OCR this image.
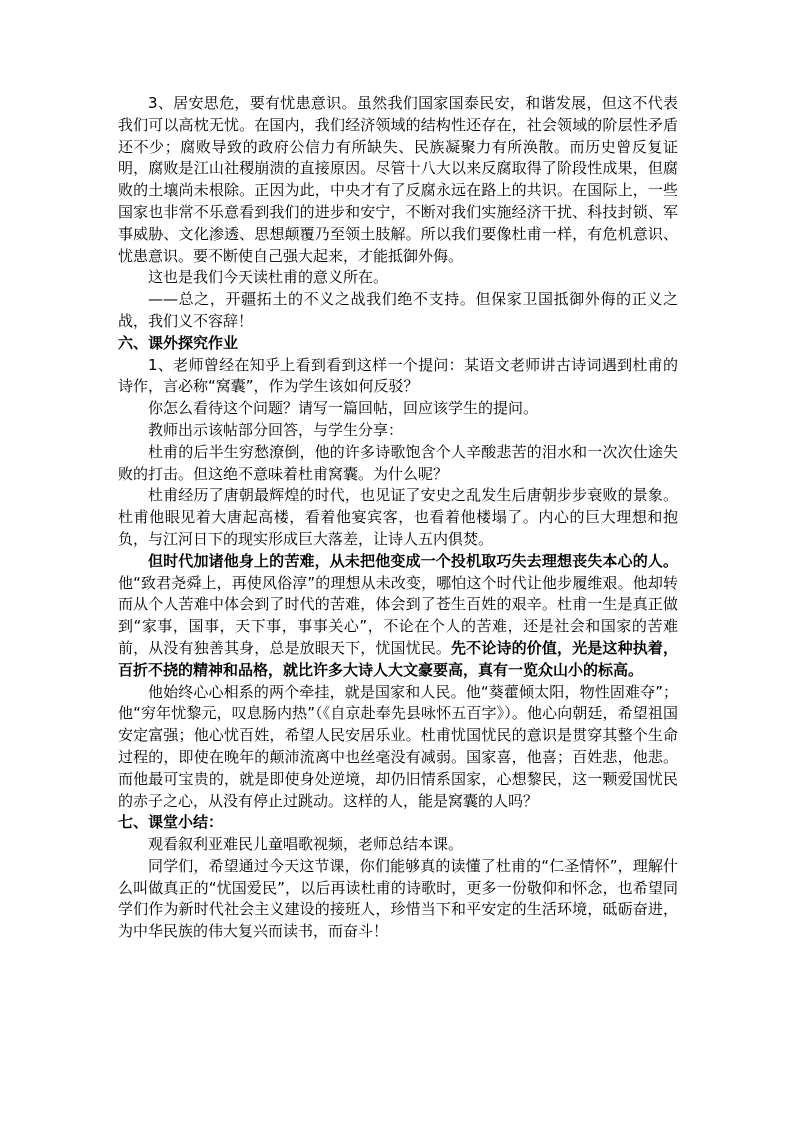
3、居安思危，要有忧患意识。虽然我们国家国泰民安，和谐发展，但这不代表我们可以高枕无忧。在国内，我们经济领域的结构性还存在，社会领域的阶层性矛盾还不少；腐败导致的政府公信力有所缺失、民族凝聚力有所涣散。而历史曾反复证明，腐败是江山社稷崩溃的直接原因。尽管十八大以来反腐取得了阶段性成果，但腐败的土壤尚未根除。正因为此，中央才有了反腐永远在路上的共识。在国际上，一些国家也非常不乐意看到我们的进步和安宁，不断对我们实施经济干扰、科技封锁、军事威胁、文化渗透、思想颠覆乃至领土肢解。所以我们要像杜甫一样，有危机意识、忧患意识。要不断使自己强大起来，才能抵御外侮。

这也是我们今天读杜甫的意义所在。

——总之，开疆拓土的不义之战我们绝不支持。但保家卫国抵御外侮的正义之战，我们义不容辞！

六、课外探究作业

1、老师曾经在知乎上看到看到这样一个提问：某语文老师讲古诗词遇到杜甫的诗作，言必称“窝囊”，作为学生该如何反驳？

你怎么看待这个问题？请写一篇回帖，回应该学生的提问。

教师出示该帖部分回答，与学生分享：

杜甫的后半生穷愁潦倒，他的许多诗歌饱含个人辛酸悲苦的泪水和一次次仕途失败的打击。但这绝不意味着杜甫窝囊。为什么呢？

杜甫经历了唐朝最辉煌的时代，也见证了安史之乱发生后唐朝步步衰败的景象。杜甫他眼见着大唐起高楼，看着他宴宾客，也看着他楼塌了。内心的巨大理想和抱负，与江河日下的现实形成巨大落差，让诗人五内俱焚。

但时代加诸他身上的苦难，从未把他变成一个投机取巧失去理想丧失本心的人。他“致君尧舜上，再使风俗淳”的理想从未改变，哪怕这个时代让他步履维艰。他却转而从个人苦难中体会到了时代的苦难，体会到了苍生百姓的艰辛。杜甫一生是真正做到“家事，国事，天下事，事事关心”，不论在个人的苦难，还是社会和国家的苦难前，从没有独善其身，总是放眼天下，忧国忧民。先不论诗的价值，光是这种执着，百折不挠的精神和品格，就比许多大诗人大文豪要高，真有一览众山小的标高。

他始终心心相系的两个牵挂，就是国家和人民。他“葵藿倾太阳，物性固难夺”；他“穷年忧黎元，叹息肠内热”（《自京赴奉先县咏怀五百字》）。他心向朝廷，希望祖国安定富强；他心忧百姓，希望人民安居乐业。杜甫忧国忧民的意识是贯穿其整个生命过程的，即使在晚年的颠沛流离中也丝毫没有减弱。国家喜，他喜；百姓悲，他悲。而他最可宝贵的，就是即使身处逆境，却仍旧情系国家，心想黎民，这一颗爱国忧民的赤子之心，从没有停止过跳动。这样的人，能是窝囊的人吗？

七、课堂小结：

观看叙利亚难民儿童唱歌视频，老师总结本课。

同学们，希望通过今天这节课，你们能够真的读懂了杜甫的“仁圣情怀”，理解什么叫做真正的“忧国爱民”，以后再读杜甫的诗歌时，更多一份敬仰和怀念，也希望同学们作为新时代社会主义建设的接班人，珍惜当下和平安定的生活环境，砥砺奋进，为中华民族的伟大复兴而读书，而奋斗！
